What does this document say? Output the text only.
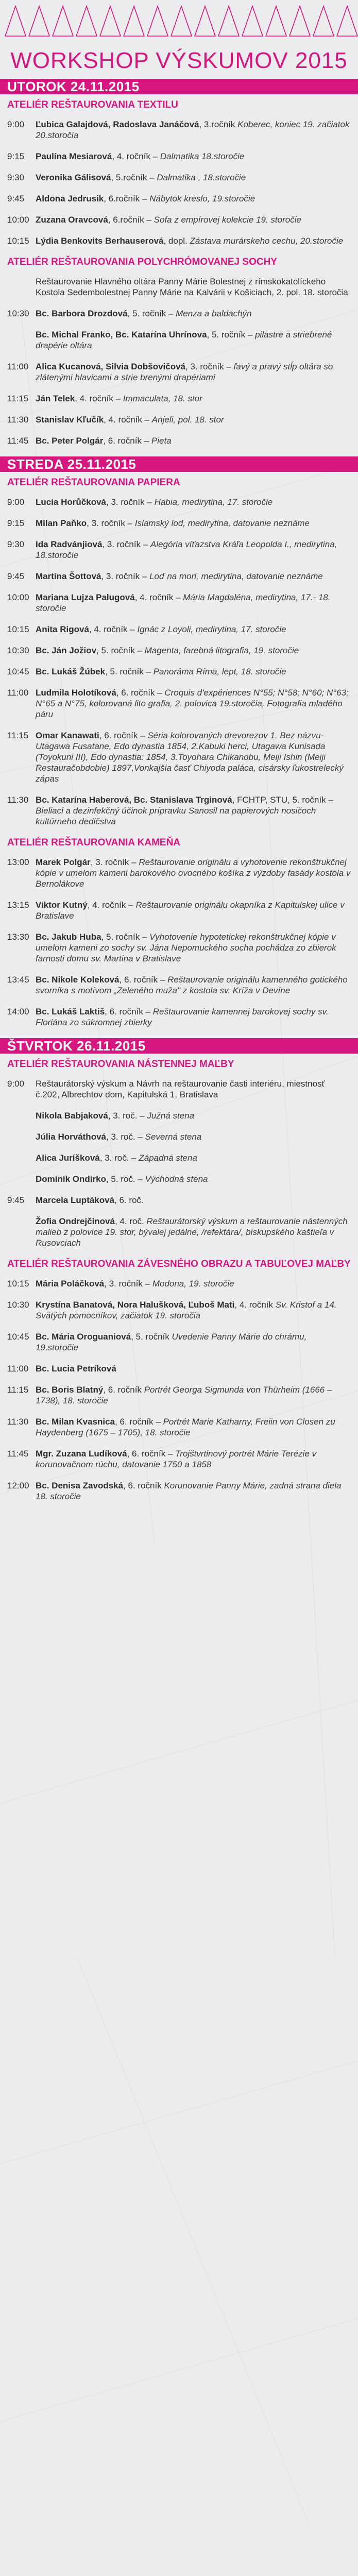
WORKSHOP VÝSKUMOV 2015
UTOROK 24.11.2015
ATELIÉR REŠTAUROVANIA TEXTILU
9:00	Ľubica Galajdová, Radoslava Janáčová, 3.ročník Koberec, koniec 19. začiatok 20.storočia
9:15	Paulína Mesiarová, 4. ročník – Dalmatika 18.storočie
9:30	Veronika Gálisová, 5.ročník – Dalmatika , 18.storočie
9:45	Aldona Jedrusik, 6.ročník – Nábytok kreslo, 19.storočie
10:00 Zuzana Oravcová, 6.ročník – Sofa z empírovej kolekcie 19. storočie
10:15 Lýdia Benkovits Berhauserová, dopl. Zástava murárskeho cechu, 20.storočie
ATELIÉR REŠTAUROVANIA POLYCHRÓMOVANEJ SOCHY
Reštaurovanie Hlavného oltára Panny Márie Bolestnej z rímskokatolíckeho Kostola Sedembolestnej Panny Márie na Kalvárii v Košiciach, 2. pol. 18. storočia
10:30 Bc. Barbora Drozdová, 5. ročník – Menza a baldachýn
Bc. Michal Franko, Bc. Katarína Uhrínova, 5. ročník – pilastre a striebrené drapérie oltára
11:00 Alica Kucanová, Silvia Dobšovičová, 3. ročník – ľavý a pravý stĺp oltára so zlátenými hlavicami a strie brenými drapériami
11:15 Ján Telek, 4. ročník – Immaculata, 18. stor
11:30 Stanislav Kľučík, 4. ročník – Anjeli, pol. 18. stor
11:45 Bc. Peter Polgár, 6. ročník – Pieta
STREDA 25.11.2015
ATELIÉR REŠTAUROVANIA PAPIERA
9:00	Lucia Horůčková, 3. ročník – Habia, medirytina, 17. storočie
9:15	Milan Paňko, 3. ročník – Islamský lod, medirytina, datovanie neznáme
9:30	Ida Radvánjiová, 3. ročník – Alegória víťazstva Kráľa Leopolda I., medirytina, 18.storočie
9:45	Martina Šottová, 3. ročník – Loď na mori, medirytina, datovanie neznáme
10:00 Mariana Lujza Palugová, 4. ročník – Mária Magdaléna, medirytina, 17.- 18. storočie
10:15 Anita Rigová, 4. ročník – Ignác z Loyoli, medirytina, 17. storočie
10:30 Bc. Ján Jožiov, 5. ročník – Magenta, farebná litografia, 19. storočie
10:45 Bc. Lukáš Žúbek, 5. ročník – Panoráma Ríma, lept, 18. storočie
11:00 Ludmila Holotíková, 6. ročník – Croquis d'expériences N°55; N°58; N°60; N°63; N°65 a N°75, kolorovaná lito grafia, 2. polovica 19.storočia, Fotografia mladého páru
11:15 Omar Kanawati, 6. ročník – Séria kolorovaných drevorezov 1. Bez názvu-Utagawa Fusatane, Edo dynastia 1854, 2.Kabuki herci, Utagawa Kunisada (Toyokuni III), Edo dynastia: 1854, 3.Toyohara Chikanobu, Meiji Ishin (Meiji Restauračobdobie) 1897,Vonkajšia časť Chiyoda paláca, cisársky ľukostrelecký zápas
11:30 Bc. Katarína Haberová, Bc. Stanislava Trginová, FCHTP, STU, 5. ročník – Bieliaci a dezinfekčný účinok prípravku Sanosil na papierových nosičoch kultúrneho dedičstva
ATELIÉR REŠTAUROVANIA KAMEŇA
13:00 Marek Polgár, 3. ročník – Reštaurovanie originálu a vyhotovenie rekonštrukčnej kópie v umelom kameni barokového ovocného košíka z výzdoby fasády kostola v Bernolákove
13:15 Viktor Kutný, 4. ročník – Reštaurovanie originálu okapníka z Kapitulskej ulice v Bratislave
13:30 Bc. Jakub Huba, 5. ročník – Vyhotovenie hypotetickej rekonštrukčnej kópie v umelom kameni zo sochy sv. Jána Nepomuckého socha pochádza zo zbierok farnosti domu sv. Martina v Bratislave
13:45 Bc. Nikole Koleková, 6. ročník – Reštaurovanie originálu kamenného gotického svorníka s motívom „Zeleného muža" z kostola sv. Kríža v Devíne
14:00 Bc. Lukáš Laktiš, 6. ročník – Reštaurovanie kamennej barokovej sochy sv. Floriána zo súkromnej zbierky
ŠTVRTOK 26.11.2015
ATELIÉR REŠTAUROVANIA NÁSTENNEJ MAĽBY
9:00	Reštaurátorský výskum a Návrh na reštaurovanie časti interiéru, miestnosť č.202, Albrechtov dom, Kapitulská 1, Bratislava
Nikola Babjaková, 3. roč. – Južná stena
Júlia Horváthová, 3. roč. – Severná stena
Alica Juríšková, 3. roč. – Západná stena
Dominik Ondirko, 5. roč. – Východná stena
9:45	Marcela Luptáková, 6. roč.
Žofia Ondrejčinová, 4. roč. Reštaurátorský výskum a reštaurovanie nástenných malieb z polovice 19. stor, bývalej jedálne, /refektára/, biskupského kaštieľa v Rusovciach
ATELIÉR REŠTAUROVANIA ZÁVESNÉHO OBRAZU A TABUĽOVEJ MAĽBY
10:15 Mária Poláčková, 3. ročník – Modona, 19. storočie
10:30 Krystína Banatová, Nora Halušková, Ľuboš Mati, 4. ročník Sv. Kristof a 14. Svätých pomocníkov, začiatok 19. storočia
10:45 Bc. Mária Oroguaniová, 5. ročník Uvedenie Panny Márie do chrámu, 19.storočie
11:00 Bc. Lucia Petríková
11:15 Bc. Boris Blatný, 6. ročník Portrét Georga Sigmunda von Thürheim (1666 – 1738), 18. storočie
11:30 Bc. Milan Kvasnica, 6. ročník – Portrét Marie Katharny, Freiin von Closen zu Haydenberg (1675 – 1705), 18. storočie
11:45 Mgr. Zuzana Ludíková, 6. ročník – Trojštvrtinový portrét Márie Terézie v korunovačnom rúchu, datovanie 1750 a 1858
12:00 Bc. Denisa Zavodská, 6. ročník Korunovanie Panny Márie, zadná strana diela 18. storočie
